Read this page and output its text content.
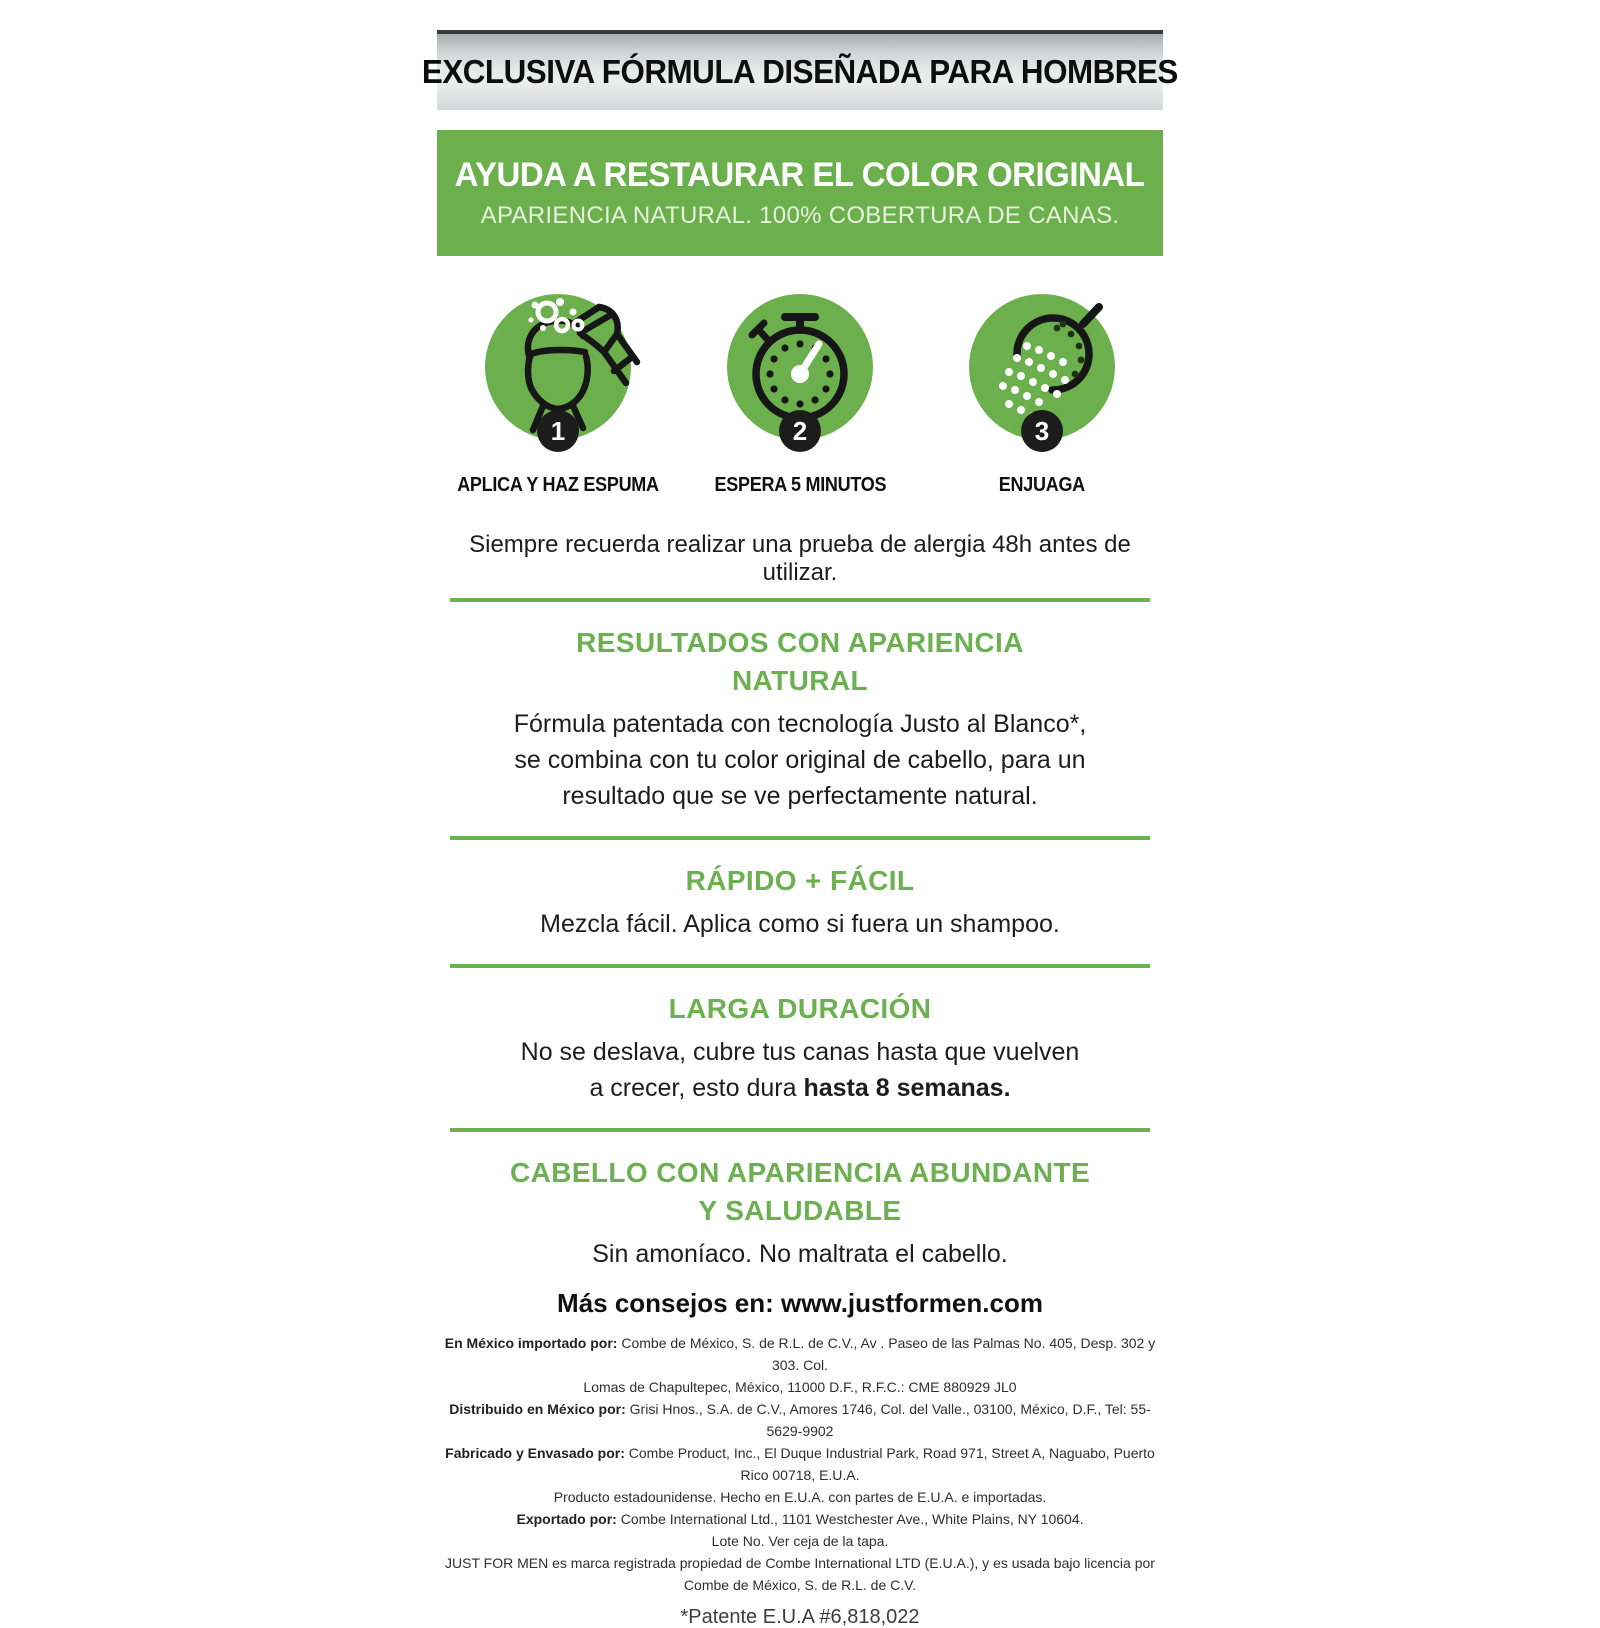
EXCLUSIVA FÓRMULA DISEÑADA PARA HOMBRES
AYUDA A RESTAURAR EL COLOR ORIGINAL
APARIENCIA NATURAL. 100% COBERTURA DE CANAS.
1
APLICA Y HAZ ESPUMA
2
ESPERA 5 MINUTOS
3
ENJUAGA
Siempre recuerda realizar una prueba de alergia 48h antes de utilizar.
RESULTADOS CON APARIENCIA
NATURAL
Fórmula patentada con tecnología Justo al Blanco*,
se combina con tu color original de cabello, para un
resultado que se ve perfectamente natural.
RÁPIDO + FÁCIL
Mezcla fácil. Aplica como si fuera un shampoo.
LARGA DURACIÓN
No se deslava, cubre tus canas hasta que vuelven
a crecer, esto dura hasta 8 semanas.
CABELLO CON APARIENCIA ABUNDANTE
Y SALUDABLE
Sin amoníaco. No maltrata el cabello.
Más consejos en: www.justformen.com
En México importado por: Combe de México, S. de R.L. de C.V., Av . Paseo de las Palmas No. 405, Desp. 302 y 303. Col.
Lomas de Chapultepec, México, 11000 D.F., R.F.C.: CME 880929 JL0
Distribuido en México por: Grisi Hnos., S.A. de C.V., Amores 1746, Col. del Valle., 03100, México, D.F., Tel: 55-5629-9902
Fabricado y Envasado por: Combe Product, Inc., El Duque Industrial Park, Road 971, Street A, Naguabo, Puerto Rico 00718, E.U.A.
Producto estadounidense. Hecho en E.U.A. con partes de E.U.A. e importadas.
Exportado por: Combe International Ltd., 1101 Westchester Ave., White Plains, NY 10604.
Lote No. Ver ceja de la tapa.
JUST FOR MEN es marca registrada propiedad de Combe International LTD (E.U.A.), y es usada bajo licencia por
Combe de México, S. de R.L. de C.V.
*Patente E.U.A #6,818,022
